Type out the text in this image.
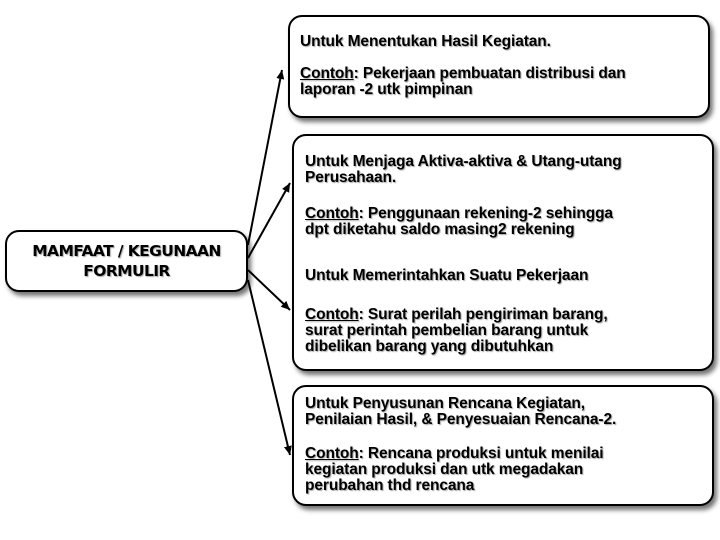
MAMFAAT / KEGUNAAN
FORMULIR
Untuk Menentukan Hasil Kegiatan.
Contoh: Pekerjaan pembuatan distribusi dan
laporan -2 utk pimpinan
Untuk Menjaga Aktiva-aktiva & Utang-utang
Perusahaan.
Contoh: Penggunaan rekening-2 sehingga
dpt diketahu saldo masing2 rekening
Untuk Memerintahkan Suatu Pekerjaan
Contoh: Surat perilah pengiriman barang,
surat perintah pembelian barang untuk
dibelikan barang yang dibutuhkan
Untuk Penyusunan Rencana Kegiatan,
Penilaian Hasil, & Penyesuaian Rencana-2.
Contoh: Rencana produksi untuk menilai
kegiatan produksi dan utk megadakan
perubahan thd rencana
